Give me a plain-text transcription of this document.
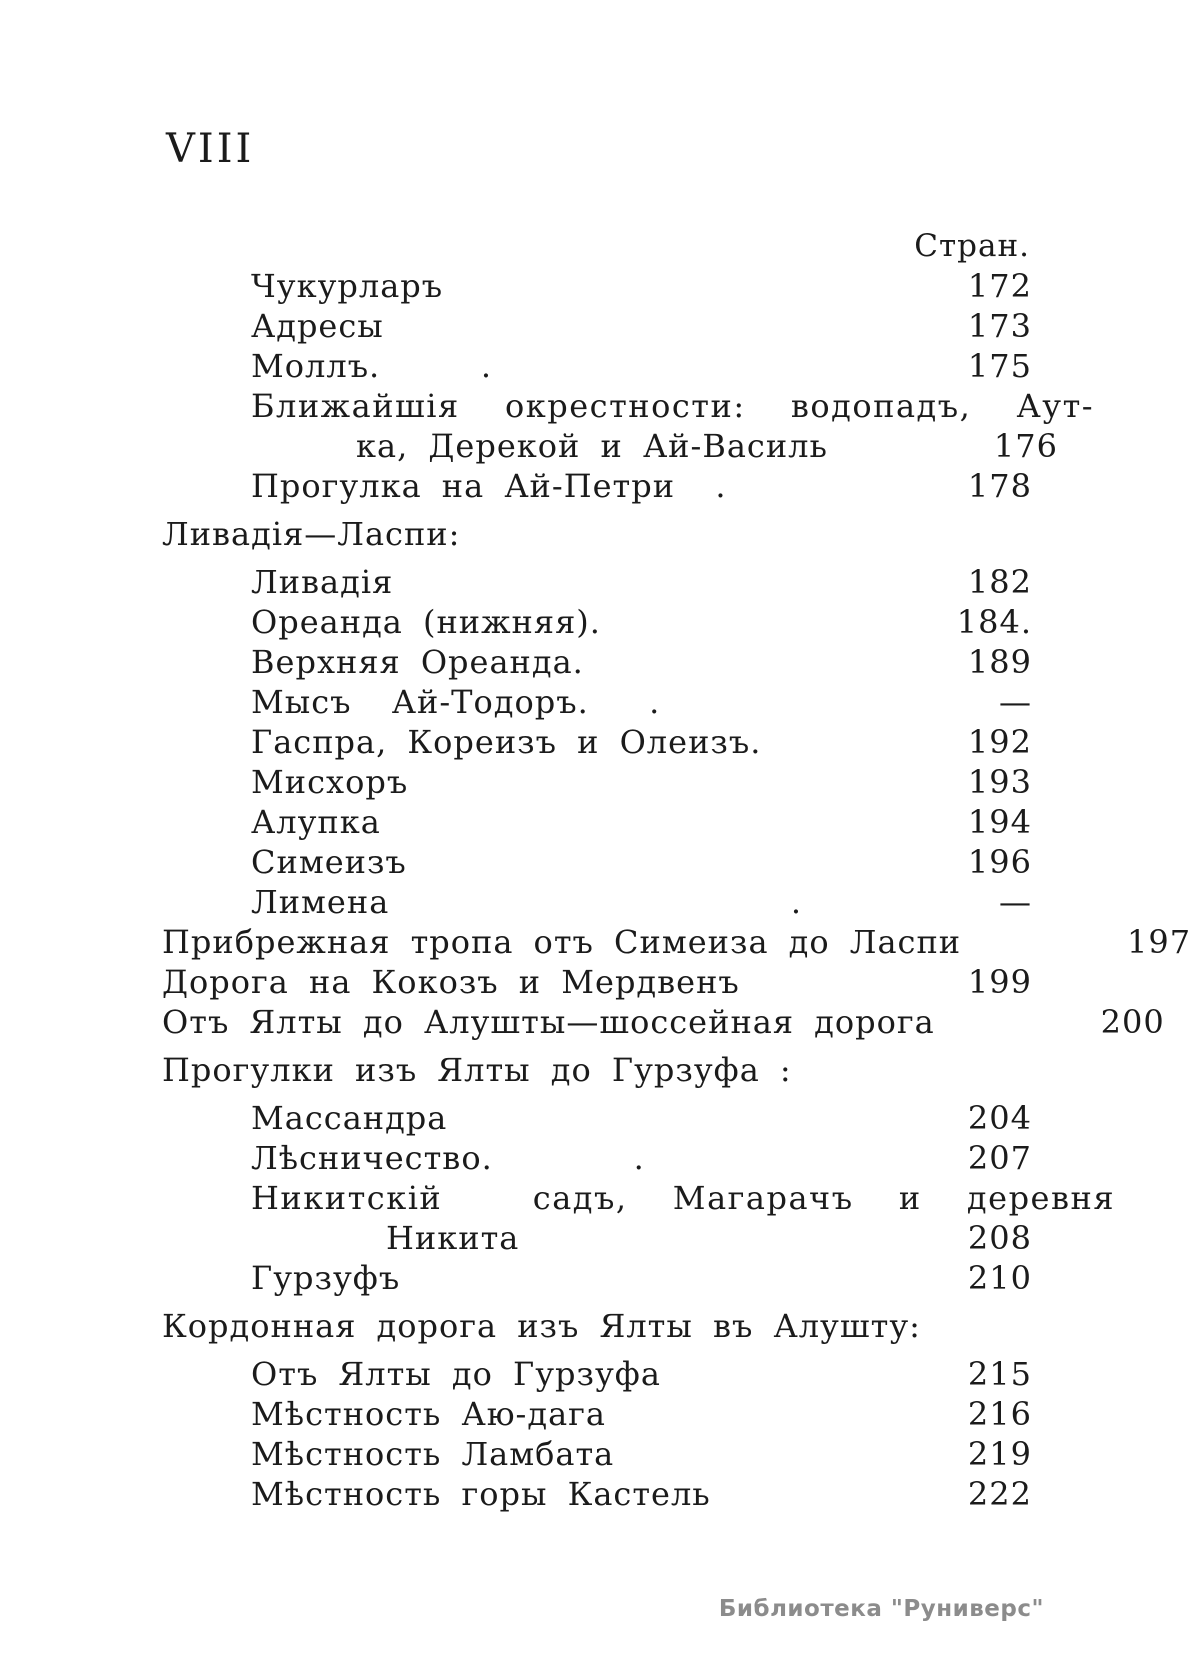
VIII
Стран.
Чукурларъ	172
Адресы	173
Моллъ.     .	175
Ближайшія окрестности: водопадъ, Аут-
ка, Дерекой и Ай-Василь	176
Прогулка на Ай-Петри  .	178
Ливадія—Ласпи:
Ливадія	182
Ореанда (нижняя).	184.
Верхняя Ореанда.	189
Мысъ  Ай-Тодоръ.   .	—
Гаспра, Кореизъ и Олеизъ.	192
Мисхоръ	193
Алупка	194
Симеизъ	196
Лимена	.	—
Прибрежная тропа отъ Симеиза до Ласпи	197
Дорога на Кокозъ и Мердвенъ	199
Отъ Ялты до Алушты—шоссейная дорога	200
Прогулки изъ Ялты до Гурзуфа :
Массандра	204
Лѣсничество.       .	207
Никитскій  садъ, Магарачъ и деревня
Никита	208
Гурзуфъ	210
Кордонная дорога изъ Ялты въ Алушту:
Отъ Ялты до Гурзуфа	215
Мѣстность Аю-дага	216
Мѣстность Ламбата	219
Мѣстность горы Кастель	222
Библиотека "Руниверс"
